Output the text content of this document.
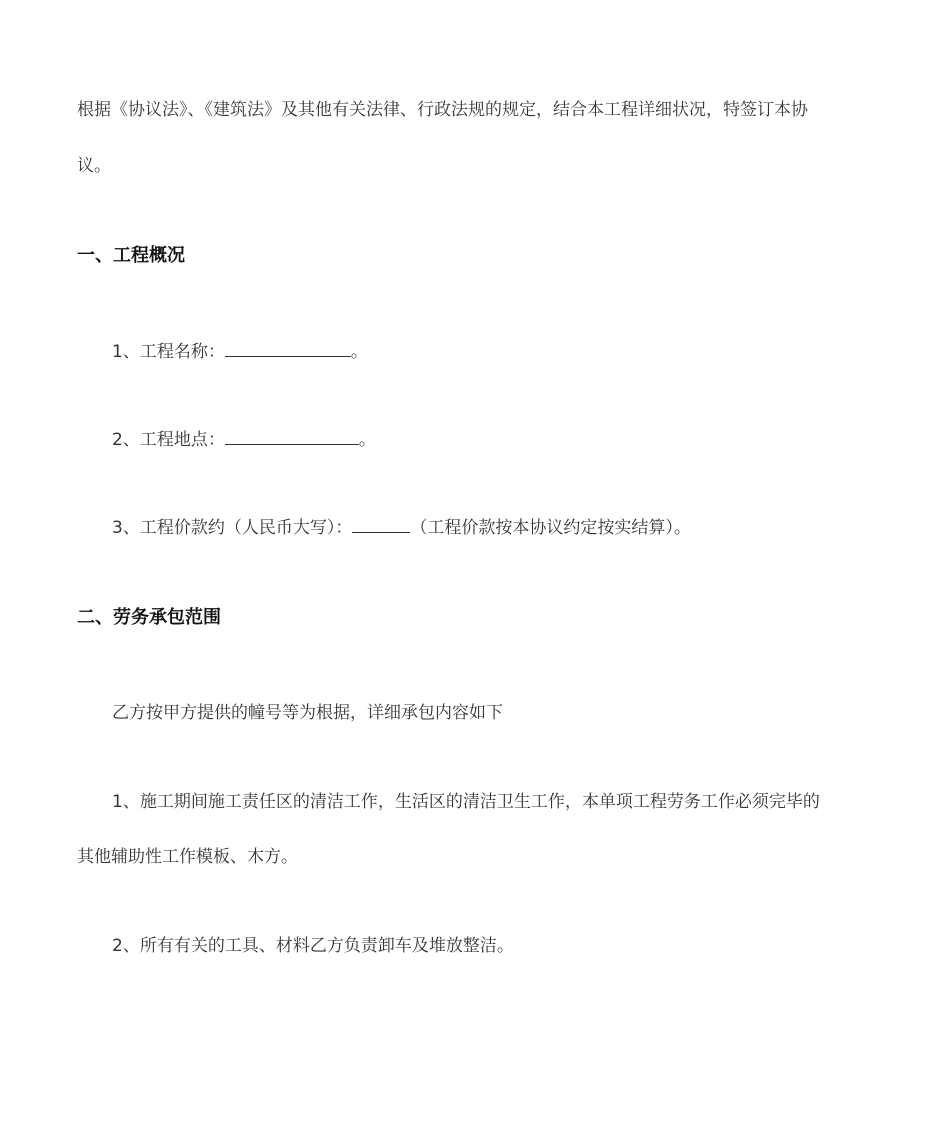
根据《协议法》、《建筑法》及其他有关法律、行政法规的规定，结合本工程详细状况，特签订本协
议。
一、工程概况
1、工程名称：	。
2、工程地点：	。
3、工程价款约（人民币大写）：	（工程价款按本协议约定按实结算）。
二、劳务承包范围
乙方按甲方提供的幢号等为根据，详细承包内容如下
1、施工期间施工责任区的清洁工作，生活区的清洁卫生工作，本单项工程劳务工作必须完毕的
其他辅助性工作模板、木方。
2、所有有关的工具、材料乙方负责卸车及堆放整洁。
